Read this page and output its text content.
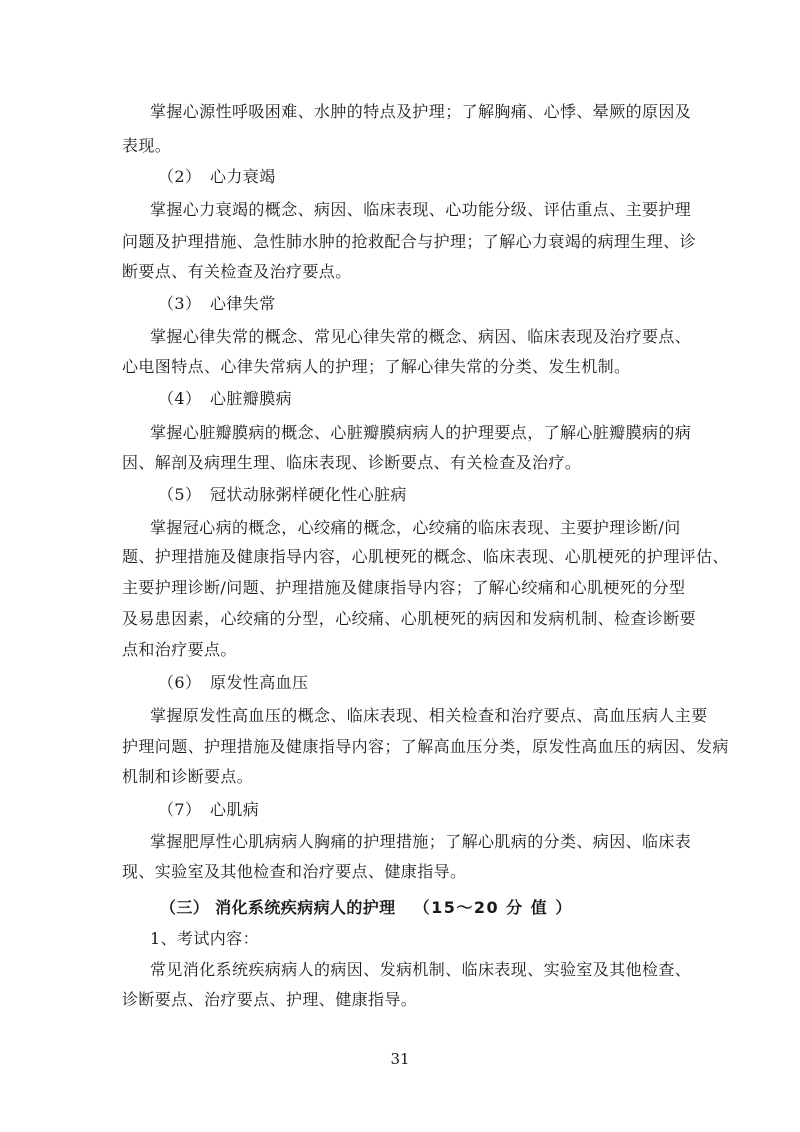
掌握心源性呼吸困难、水肿的特点及护理；了解胸痛、心悸、晕厥的原因及
表现。
（2） 心力衰竭
掌握心力衰竭的概念、病因、临床表现、心功能分级、评估重点、主要护理
问题及护理措施、急性肺水肿的抢救配合与护理；了解心力衰竭的病理生理、诊
断要点、有关检查及治疗要点。
（3） 心律失常
掌握心律失常的概念、常见心律失常的概念、病因、临床表现及治疗要点、
心电图特点、心律失常病人的护理；了解心律失常的分类、发生机制。
（4） 心脏瓣膜病
掌握心脏瓣膜病的概念、心脏瓣膜病病人的护理要点，了解心脏瓣膜病的病
因、解剖及病理生理、临床表现、诊断要点、有关检查及治疗。
（5） 冠状动脉粥样硬化性心脏病
掌握冠心病的概念，心绞痛的概念，心绞痛的临床表现、主要护理诊断/问
题、护理措施及健康指导内容，心肌梗死的概念、临床表现、心肌梗死的护理评估、
主要护理诊断/问题、护理措施及健康指导内容；了解心绞痛和心肌梗死的分型
及易患因素，心绞痛的分型，心绞痛、心肌梗死的病因和发病机制、检查诊断要
点和治疗要点。
（6） 原发性高血压
掌握原发性高血压的概念、临床表现、相关检查和治疗要点、高血压病人主要
护理问题、护理措施及健康指导内容；了解高血压分类，原发性高血压的病因、发病
机制和诊断要点。
（7） 心肌病
掌握肥厚性心肌病病人胸痛的护理措施；了解心肌病的分类、病因、临床表
现、实验室及其他检查和治疗要点、健康指导。
（三） 消化系统疾病病人的护理 （15～20 分 值 ）
1、考试内容：
常见消化系统疾病病人的病因、发病机制、临床表现、实验室及其他检查、
诊断要点、治疗要点、护理、健康指导。
31
